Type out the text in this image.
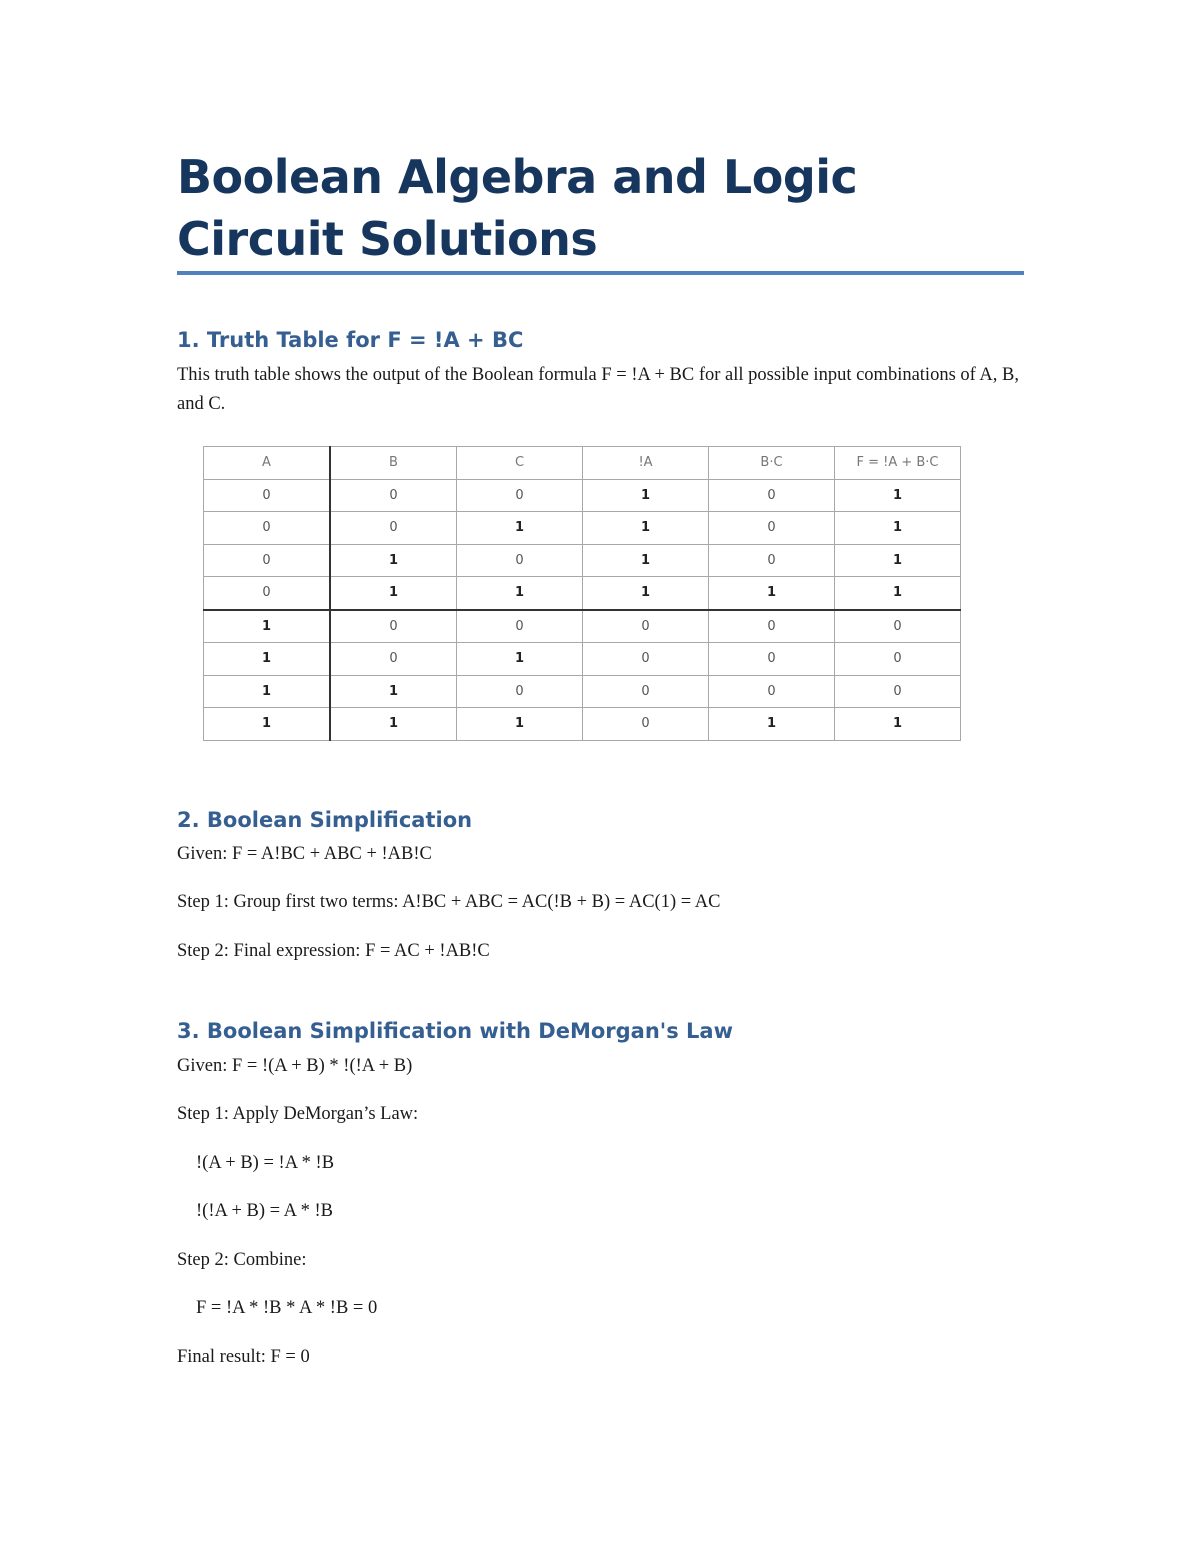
Boolean Algebra and Logic Circuit Solutions
1. Truth Table for F = !A + BC

This truth table shows the output of the Boolean formula F = !A + BC for all possible input combinations of A, B, and C.

A	B	C	!A	B·C	F = !A + B·C
0	0	0	1	0	1
0	0	1	1	0	1
0	1	0	1	0	1
0	1	1	1	1	1
1	0	0	0	0	0
1	0	1	0	0	0
1	1	0	0	0	0
1	1	1	0	1	1
2. Boolean Simplification

Given: F = A!BC + ABC + !AB!C

Step 1: Group first two terms: A!BC + ABC = AC(!B + B) = AC(1) = AC

Step 2: Final expression: F = AC + !AB!C

3. Boolean Simplification with DeMorgan's Law

Given: F = !(A + B) * !(!A + B)

Step 1: Apply DeMorgan’s Law:

!(A + B) = !A * !B

!(!A + B) = A * !B

Step 2: Combine:

F = !A * !B * A * !B = 0

Final result: F = 0
